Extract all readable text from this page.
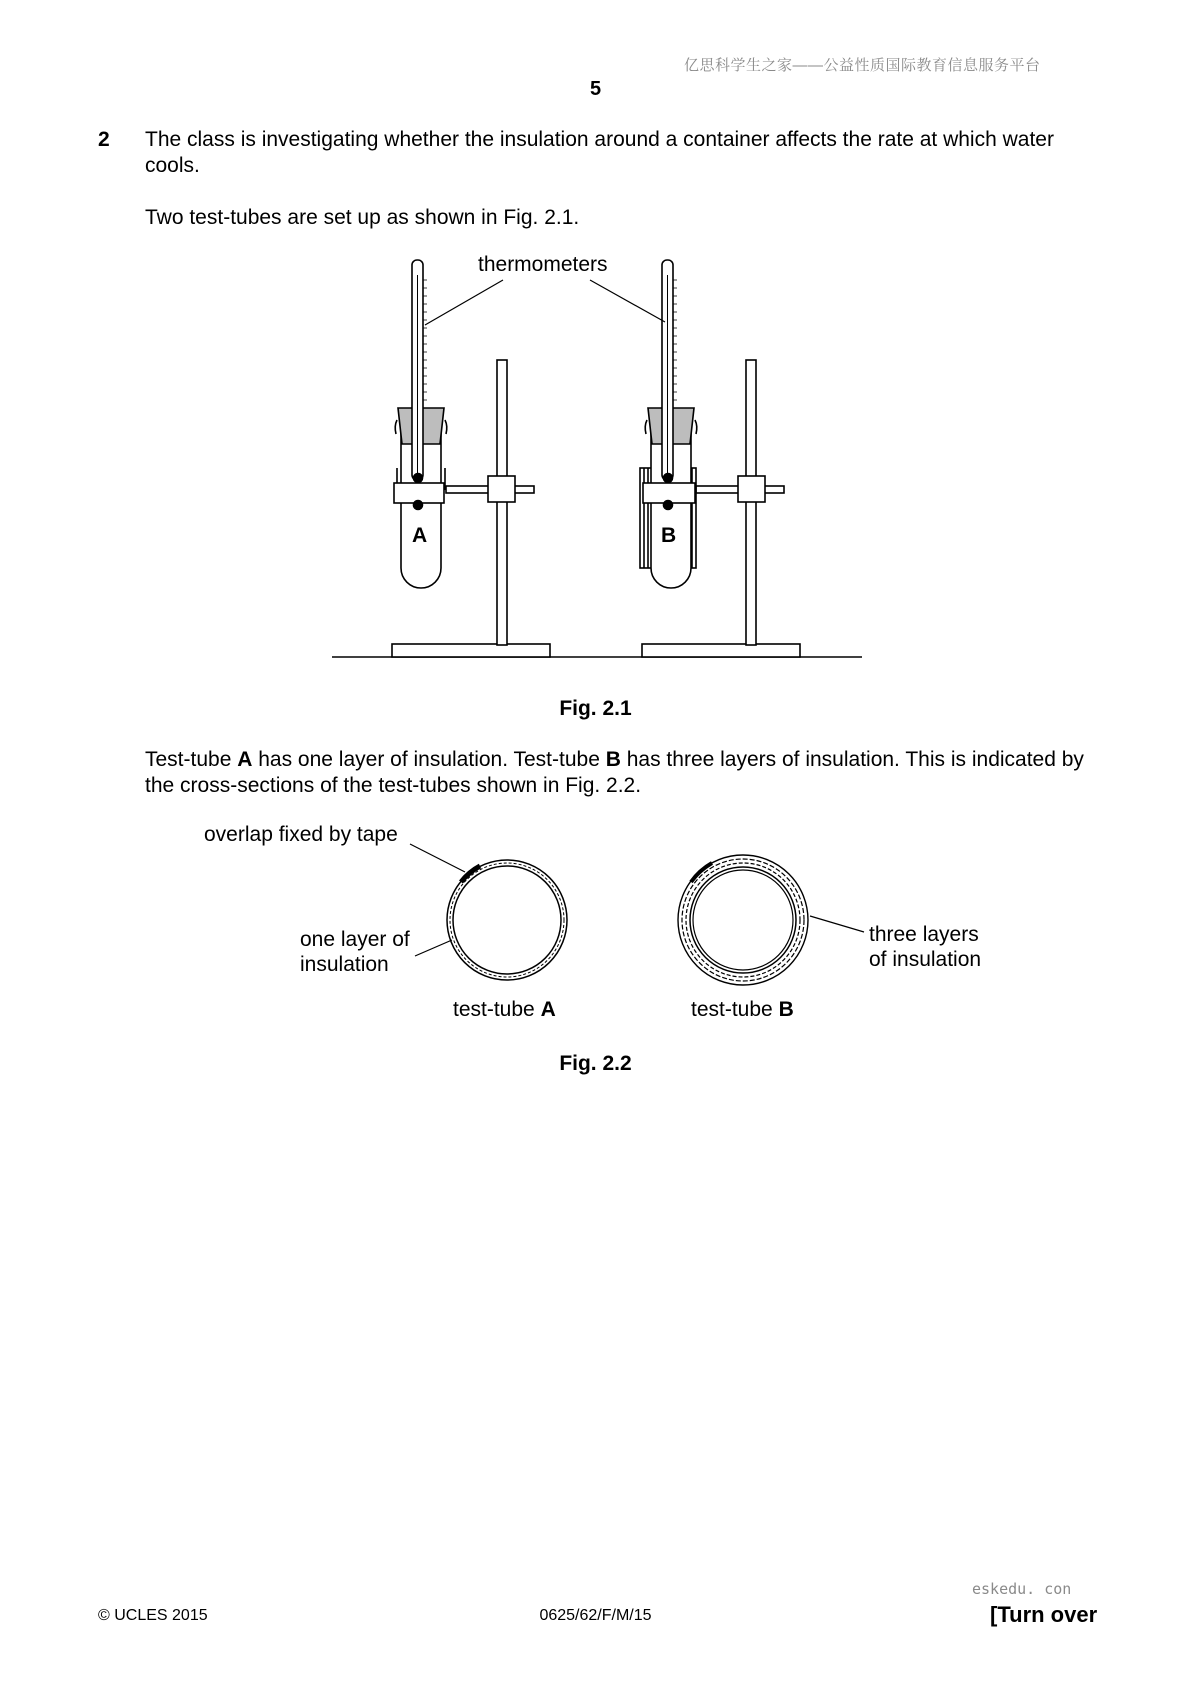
亿思科学生之家——公益性质国际教育信息服务平台
5
2 The class is investigating whether the insulation around a container affects the rate at which water cools.
Two test-tubes are set up as shown in Fig. 2.1.
thermometers
A	B
Fig. 2.1
Test-tube A has one layer of insulation. Test-tube B has three layers of insulation. This is indicated by the cross-sections of the test-tubes shown in Fig. 2.2.
overlap fixed by tape
one layer of
insulation
three layers
of insulation
test-tube A	test-tube B
Fig. 2.2
eskedu. con
© UCLES 2015	0625/62/F/M/15	[Turn over
